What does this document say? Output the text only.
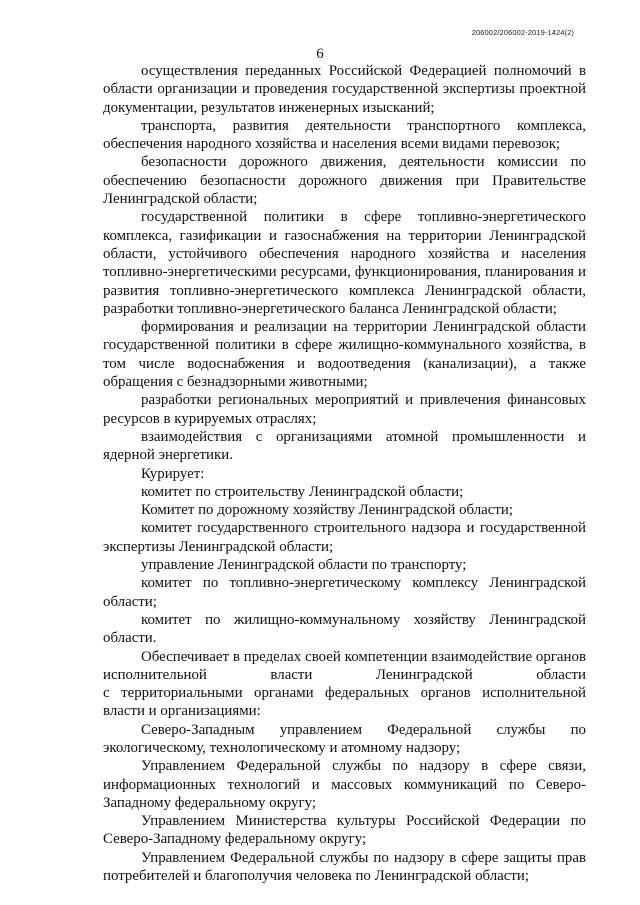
206002/206002-2019-1424(2)
6

осуществления переданных Российской Федерацией полномочий в области организации и проведения государственной экспертизы проектной документации, результатов инженерных изысканий;

транспорта, развития деятельности транспортного комплекса, обеспечения народного хозяйства и населения всеми видами перевозок;

безопасности дорожного движения, деятельности комиссии по обеспечению безопасности дорожного движения при Правительстве Ленинградской области;

государственной политики в сфере топливно-энергетического комплекса, газификации и газоснабжения на территории Ленинградской области, устойчивого обеспечения народного хозяйства и населения топливно-энергетическими ресурсами, функционирования, планирования и развития топливно-энергетического комплекса Ленинградской области, разработки топливно-энергетического баланса Ленинградской области;

формирования и реализации на территории Ленинградской области государственной политики в сфере жилищно-коммунального хозяйства, в том числе водоснабжения и водоотведения (канализации), а также обращения с безнадзорными животными;

разработки региональных мероприятий и привлечения финансовых ресурсов в курируемых отраслях;

взаимодействия с организациями атомной промышленности и ядерной энергетики.

Курирует:

комитет по строительству Ленинградской области;

Комитет по дорожному хозяйству Ленинградской области;

комитет государственного строительного надзора и государственной экспертизы Ленинградской области;

управление Ленинградской области по транспорту;

комитет по топливно-энергетическому комплексу Ленинградской области;

комитет по жилищно-коммунальному хозяйству Ленинградской области.

Обеспечивает в пределах своей компетенции взаимодействие органов исполнительной власти Ленинградской области

с территориальными органами федеральных органов исполнительной власти и организациями:

Северо-Западным управлением Федеральной службы по экологическому, технологическому и атомному надзору;

Управлением Федеральной службы по надзору в сфере связи, информационных технологий и массовых коммуникаций по Северо-Западному федеральному округу;

Управлением Министерства культуры Российской Федерации по Северо-Западному федеральному округу;

Управлением Федеральной службы по надзору в сфере защиты прав потребителей и благополучия человека по Ленинградской области;
